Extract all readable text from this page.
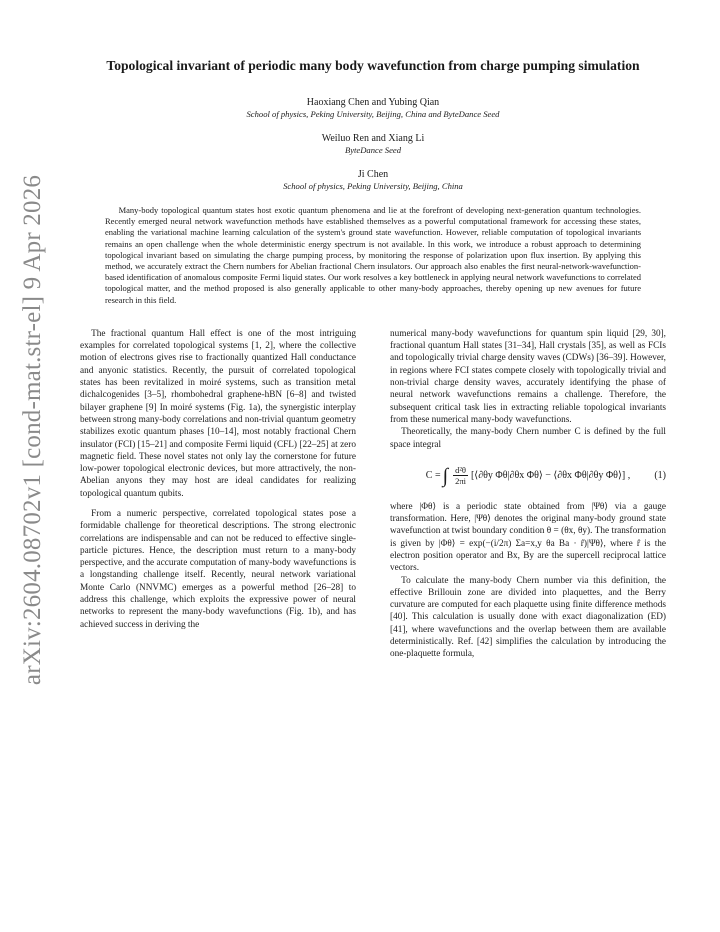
arXiv:2604.08702v1 [cond-mat.str-el] 9 Apr 2026
Topological invariant of periodic many body wavefunction from charge pumping simulation
Haoxiang Chen and Yubing Qian
School of physics, Peking University, Beijing, China and ByteDance Seed
Weiluo Ren and Xiang Li
ByteDance Seed
Ji Chen
School of physics, Peking University, Beijing, China
Many-body topological quantum states host exotic quantum phenomena and lie at the forefront of developing next-generation quantum technologies. Recently emerged neural network wavefunction methods have established themselves as a powerful computational framework for accessing these states, enabling the variational machine learning calculation of the system's ground state wavefunction. However, reliable computation of topological invariants remains an open challenge when the whole deterministic energy spectrum is not available. In this work, we introduce a robust approach to determining topological invariant based on simulating the charge pumping process, by monitoring the response of polarization upon flux insertion. By applying this method, we accurately extract the Chern numbers for Abelian fractional Chern insulators. Our approach also enables the first neural-network-wavefunction-based identification of anomalous composite Fermi liquid states. Our work resolves a key bottleneck in applying neural network wavefunctions to correlated topological matter, and the method proposed is also generally applicable to other many-body approaches, thereby opening up new avenues for future research in this field.

The fractional quantum Hall effect is one of the most intriguing examples for correlated topological systems [1, 2], where the collective motion of electrons gives rise to fractionally quantized Hall conductance and anyonic statistics. Recently, the pursuit of correlated topological states has been revitalized in moiré systems, such as transition metal dichalcogenides [3–5], rhombohedral graphene-hBN [6–8] and twisted bilayer graphene [9] In moiré systems (Fig. 1a), the synergistic interplay between strong many-body correlations and non-trivial quantum geometry stabilizes exotic quantum phases [10–14], most notably fractional Chern insulator (FCI) [15–21] and composite Fermi liquid (CFL) [22–25] at zero magnetic field. These novel states not only lay the cornerstone for future low-power topological electronic devices, but more attractively, the non-Abelian anyons they may host are ideal candidates for realizing topological quantum qubits.

From a numeric perspective, correlated topological states pose a formidable challenge for theoretical descriptions. The strong electronic correlations are indispensable and can not be reduced to effective single-particle pictures. Hence, the description must return to a many-body perspective, and the accurate computation of many-body wavefunctions is a longstanding challenge itself. Recently, neural network variational Monte Carlo (NNVMC) emerges as a powerful method [26–28] to address this challenge, which exploits the expressive power of neural networks to represent the many-body wavefunctions (Fig. 1b), and has achieved success in deriving the

numerical many-body wavefunctions for quantum spin liquid [29, 30], fractional quantum Hall states [31–34], Hall crystals [35], as well as FCIs and topologically trivial charge density waves (CDWs) [36–39]. However, in regions where FCI states compete closely with topologically trivial and non-trivial charge density waves, accurately identifying the phase of neural network wavefunctions remains a challenge. Therefore, the subsequent critical task lies in extracting reliable topological invariants from these numerical many-body wavefunctions.

Theoretically, the many-body Chern number C is defined by the full space integral

C = ∫ $\frac{\text{d²θ}}{2\pi i}$ [⟨∂θy Φθ|∂θx Φθ⟩ − ⟨∂θx Φθ|∂θy Φθ⟩] , (1)

where |Φθ⟩ is a periodic state obtained from |Ψθ⟩ via a gauge transformation. Here, |Ψθ⟩ denotes the original many-body ground state wavefunction at twist boundary condition θ = (θx, θy). The transformation is given by |Φθ⟩ = exp(−(i/2π) Σa=x,y θa Ba · r̂)|Ψθ⟩, where r̂ is the electron position operator and Bx, By are the supercell reciprocal lattice vectors.

To calculate the many-body Chern number via this definition, the effective Brillouin zone are divided into plaquettes, and the Berry curvature are computed for each plaquette using finite difference methods [40]. This calculation is usually done with exact diagonalization (ED) [41], where wavefunctions and the overlap between them are available deterministically. Ref. [42] simplifies the calculation by introducing the one-plaquette formula,
